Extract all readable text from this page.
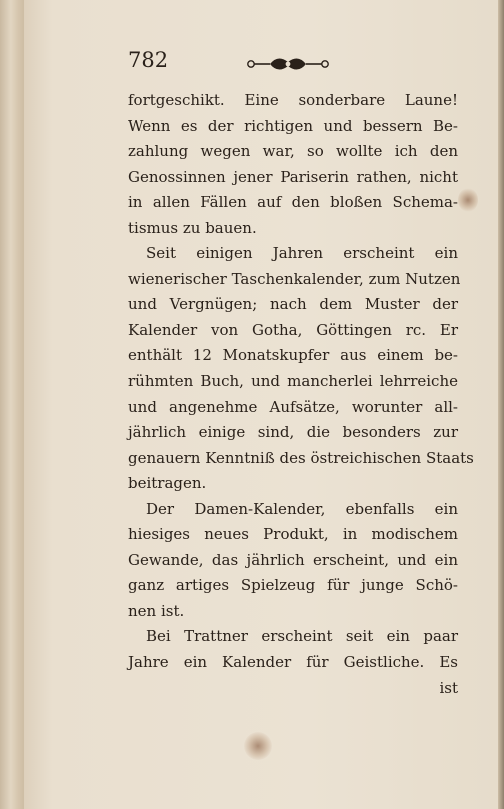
782
fortgeschikt. Eine sonderbare Laune!
Wenn es der richtigen und bessern Be-
zahlung wegen war, so wollte ich den
Genossinnen jener Pariserin rathen, nicht
in allen Fällen auf den bloßen Schema-
tismus zu bauen.
Seit einigen Jahren erscheint ein
wienerischer Taschenkalender, zum Nutzen
und Vergnügen; nach dem Muster der
Kalender von Gotha, Göttingen rc. Er
enthält 12 Monatskupfer aus einem be-
rühmten Buch, und mancherlei lehrreiche
und angenehme Aufsätze, worunter all-
jährlich einige sind, die besonders zur
genauern Kenntniß des östreichischen Staats
beitragen.
Der Damen-Kalender, ebenfalls ein
hiesiges neues Produkt, in modischem
Gewande, das jährlich erscheint, und ein
ganz artiges Spielzeug für junge Schö-
nen ist.
Bei Trattner erscheint seit ein paar
Jahre ein Kalender für Geistliche. Es
ist
